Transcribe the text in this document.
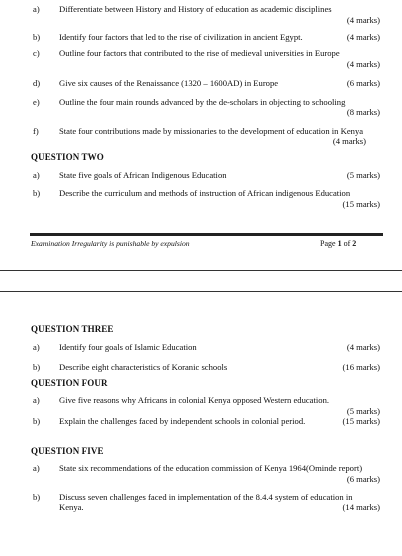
a) Differentiate between History and History of education as academic disciplines
(4 marks)
b) Identify four factors that led to the rise of civilization in ancient Egypt.	(4 marks)
c) Outline four factors that contributed to the rise of medieval universities in Europe
(4 marks)
d) Give six causes of the Renaissance (1320 – 1600AD) in Europe	(6 marks)
e) Outline the four main rounds advanced by the de-scholars in objecting to schooling
(8 marks)
f) State four contributions made by missionaries to the development of education in Kenya
(4 marks)
QUESTION TWO
a) State five goals of African Indigenous Education	(5 marks)
b) Describe the curriculum and methods of instruction of African indigenous Education
(15 marks)
Examination Irregularity is punishable by expulsion	Page 1 of 2
QUESTION THREE
a) Identify four goals of Islamic Education	(4 marks)
b) Describe eight characteristics of Koranic schools	(16 marks)
QUESTION FOUR
a) Give five reasons why Africans in colonial Kenya opposed Western education.
(5 marks)
b) Explain the challenges faced by independent schools in colonial period.	(15 marks)
QUESTION FIVE
a) State six recommendations of the education commission of Kenya 1964(Ominde report)
(6 marks)
b) Discuss seven challenges faced in implementation of the 8.4.4 system of education in
Kenya.	(14 marks)
